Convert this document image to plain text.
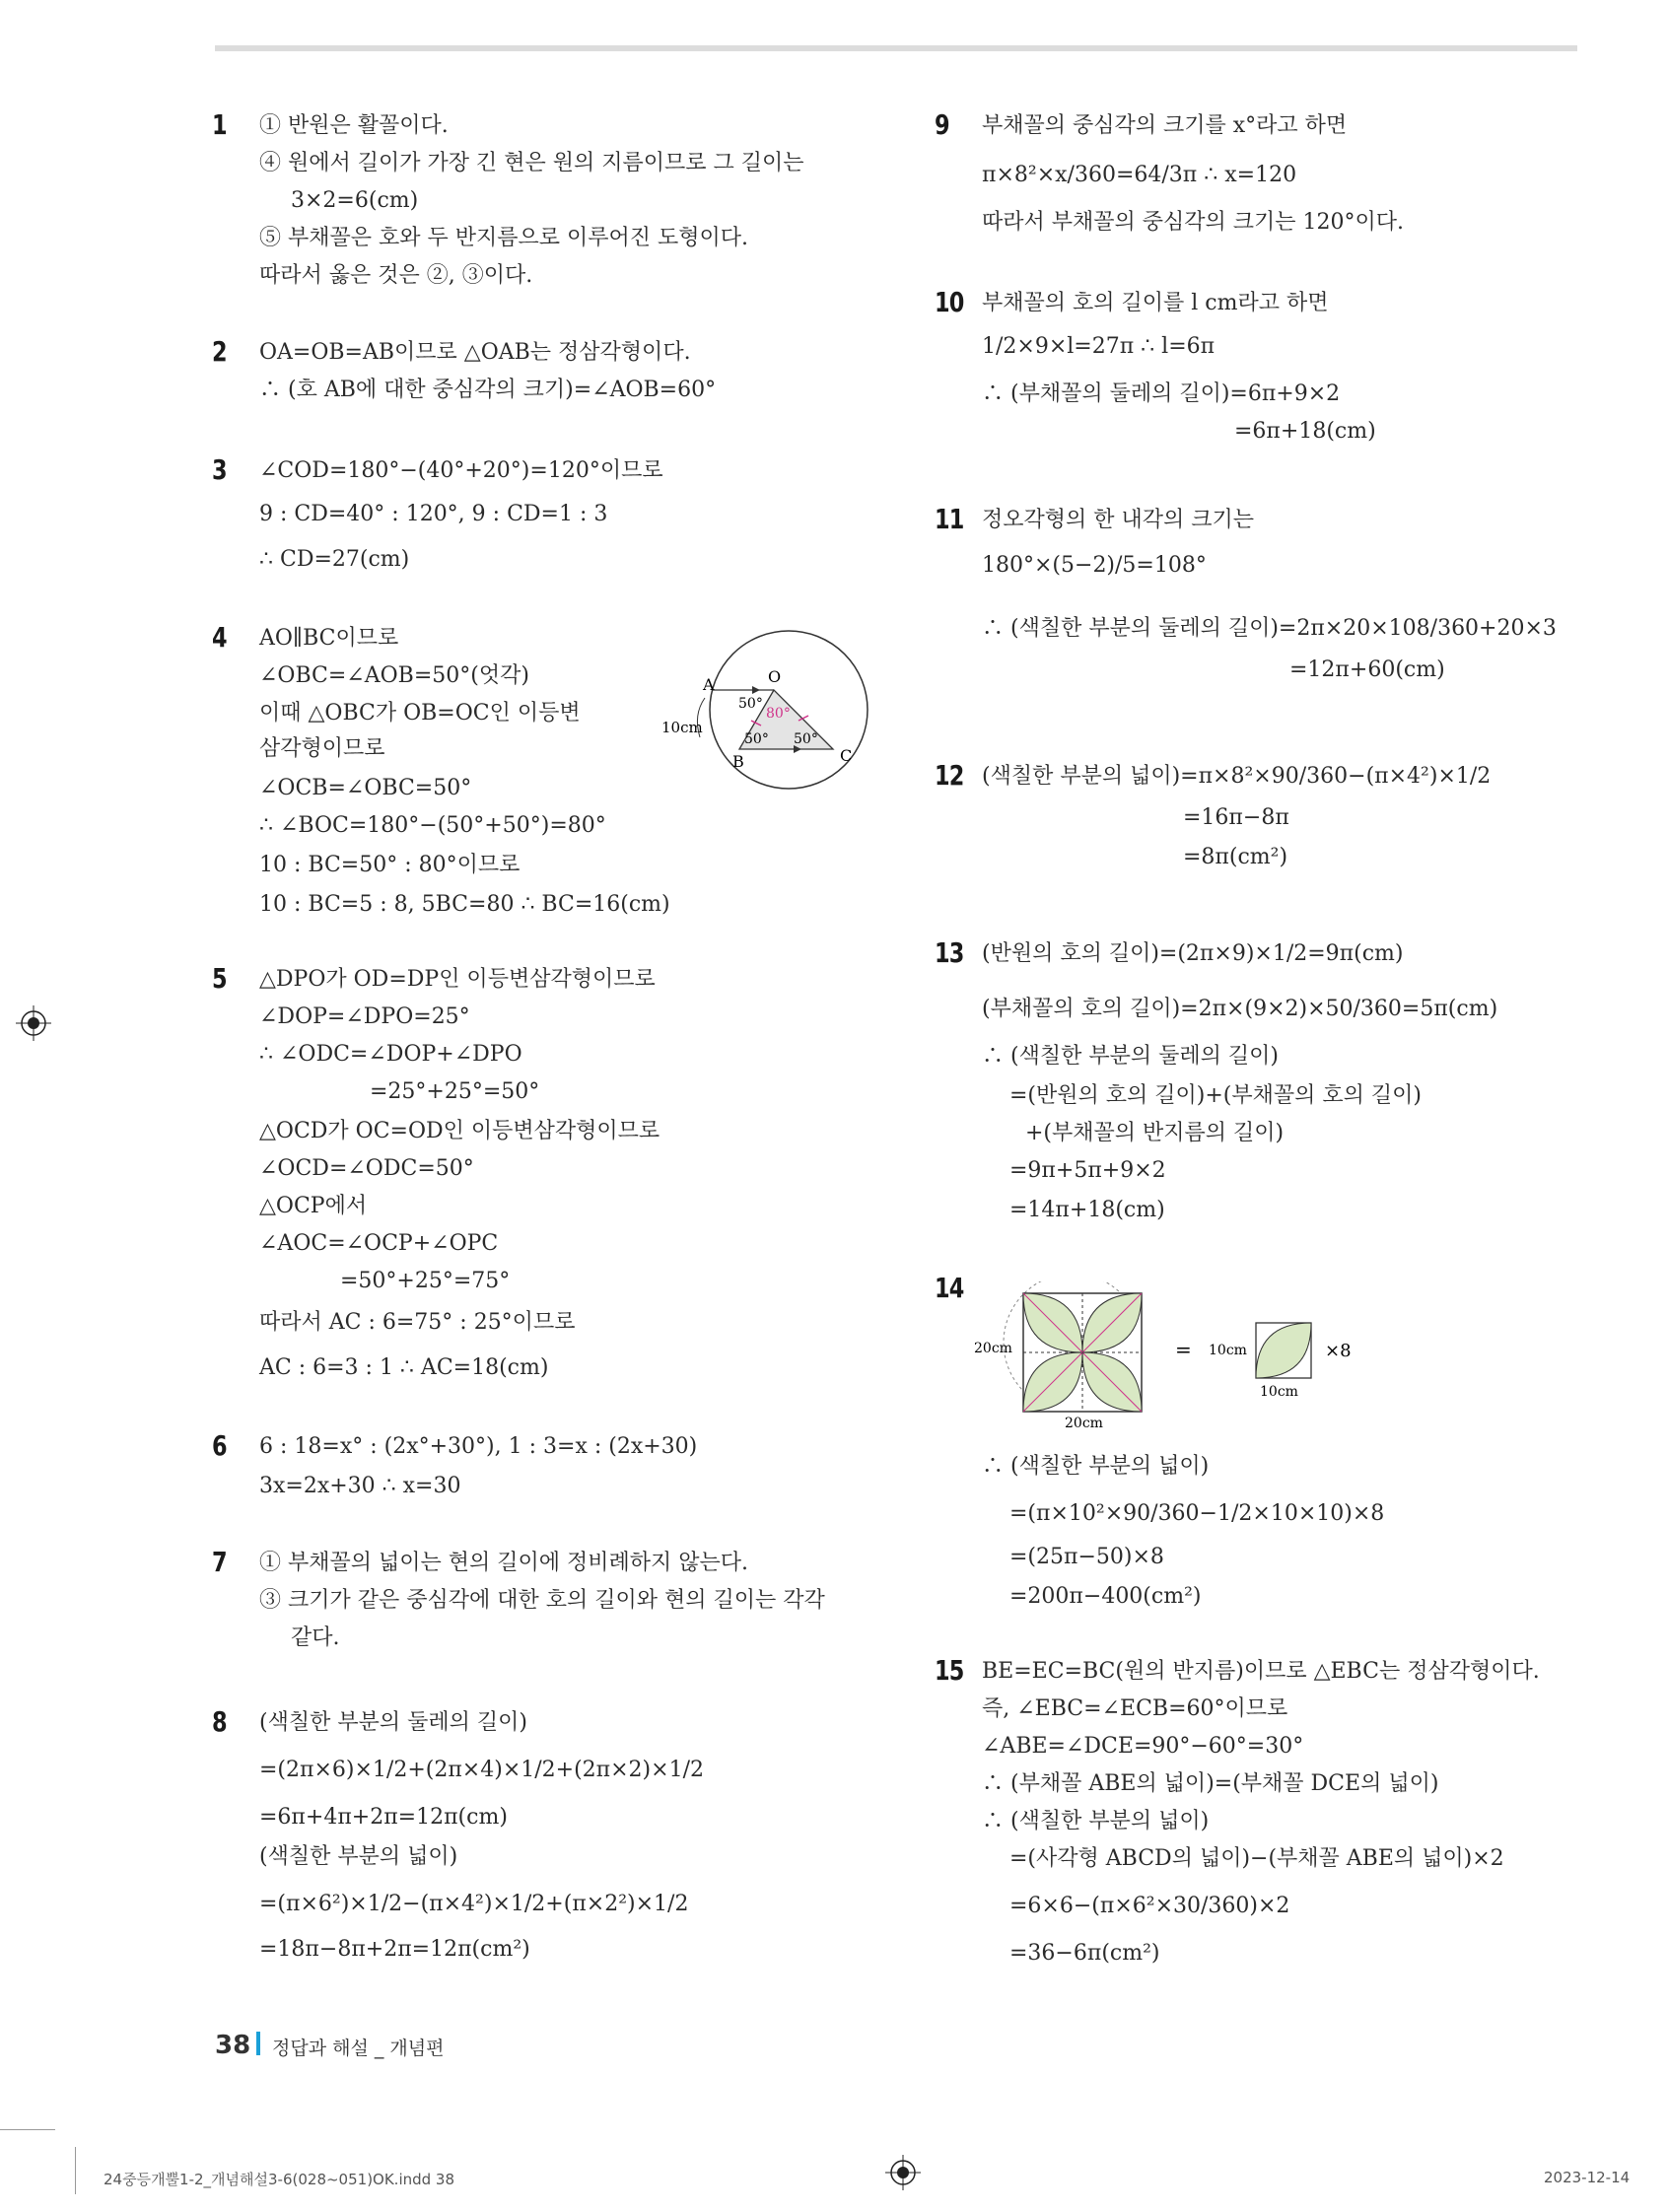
1 ① 반원은 활꼴이다.
④ 원에서 길이가 가장 긴 현은 원의 지름이므로 그 길이는
3×2=6(cm)
⑤ 부채꼴은 호와 두 반지름으로 이루어진 도형이다.
따라서 옳은 것은 ②, ③이다.
2 OA=OB=AB이므로 △OAB는 정삼각형이다.
∴ (호 AB에 대한 중심각의 크기)=∠AOB=60°
3 ∠COD=180°−(40°+20°)=120°이므로
9 : CD=40° : 120°, 9 : CD=1 : 3
∴ CD=27(cm)
4 AO∥BC이므로
∠OBC=∠AOB=50°(엇각)
이때 △OBC가 OB=OC인 이등변
삼각형이므로
∠OCB=∠OBC=50°
∴ ∠BOC=180°−(50°+50°)=80°
10 : BC=50° : 80°이므로
10 : BC=5 : 8, 5BC=80 ∴ BC=16(cm)
A	O
B	C
10cm
50°
80°
50° 50°
5 △DPO가 OD=DP인 이등변삼각형이므로
∠DOP=∠DPO=25°
∴ ∠ODC=∠DOP+∠DPO
=25°+25°=50°
△OCD가 OC=OD인 이등변삼각형이므로
∠OCD=∠ODC=50°
△OCP에서
∠AOC=∠OCP+∠OPC
=50°+25°=75°
따라서 AC : 6=75° : 25°이므로
AC : 6=3 : 1 ∴ AC=18(cm)
6 6 : 18=x° : (2x°+30°), 1 : 3=x : (2x+30)
3x=2x+30 ∴ x=30
7 ① 부채꼴의 넓이는 현의 길이에 정비례하지 않는다.
③ 크기가 같은 중심각에 대한 호의 길이와 현의 길이는 각각
같다.
8 (색칠한 부분의 둘레의 길이)
=(2π×6)×1/2+(2π×4)×1/2+(2π×2)×1/2
=6π+4π+2π=12π(cm)
(색칠한 부분의 넓이)
=(π×6²)×1/2−(π×4²)×1/2+(π×2²)×1/2
=18π−8π+2π=12π(cm²)
9 부채꼴의 중심각의 크기를 x°라고 하면
π×8²×x/360=64/3π ∴ x=120
따라서 부채꼴의 중심각의 크기는 120°이다.
10 부채꼴의 호의 길이를 l cm라고 하면
1/2×9×l=27π ∴ l=6π
∴ (부채꼴의 둘레의 길이)=6π+9×2
=6π+18(cm)
11 정오각형의 한 내각의 크기는
180°×(5−2)/5=108°
∴ (색칠한 부분의 둘레의 길이)=2π×20×108/360+20×3
=12π+60(cm)
12 (색칠한 부분의 넓이)=π×8²×90/360−(π×4²)×1/2
=16π−8π
=8π(cm²)
13 (반원의 호의 길이)=(2π×9)×1/2=9π(cm)
(부채꼴의 호의 길이)=2π×(9×2)×50/360=5π(cm)
∴ (색칠한 부분의 둘레의 길이)
=(반원의 호의 길이)+(부채꼴의 호의 길이)
+(부채꼴의 반지름의 길이)
=9π+5π+9×2
=14π+18(cm)
14
20cm
20cm
= 10cm
10cm
×8
∴ (색칠한 부분의 넓이)
=(π×10²×90/360−1/2×10×10)×8
=(25π−50)×8
=200π−400(cm²)
15 BE=EC=BC(원의 반지름)이므로 △EBC는 정삼각형이다.
즉, ∠EBC=∠ECB=60°이므로
∠ABE=∠DCE=90°−60°=30°
∴ (부채꼴 ABE의 넓이)=(부채꼴 DCE의 넓이)
∴ (색칠한 부분의 넓이)
=(사각형 ABCD의 넓이)−(부채꼴 ABE의 넓이)×2
=6×6−(π×6²×30/360)×2
=36−6π(cm²)
38 정답과 해설 _ 개념편
24중등개뿔1-2_개념해설3-6(028~051)OK.indd 38	2023-12-14
